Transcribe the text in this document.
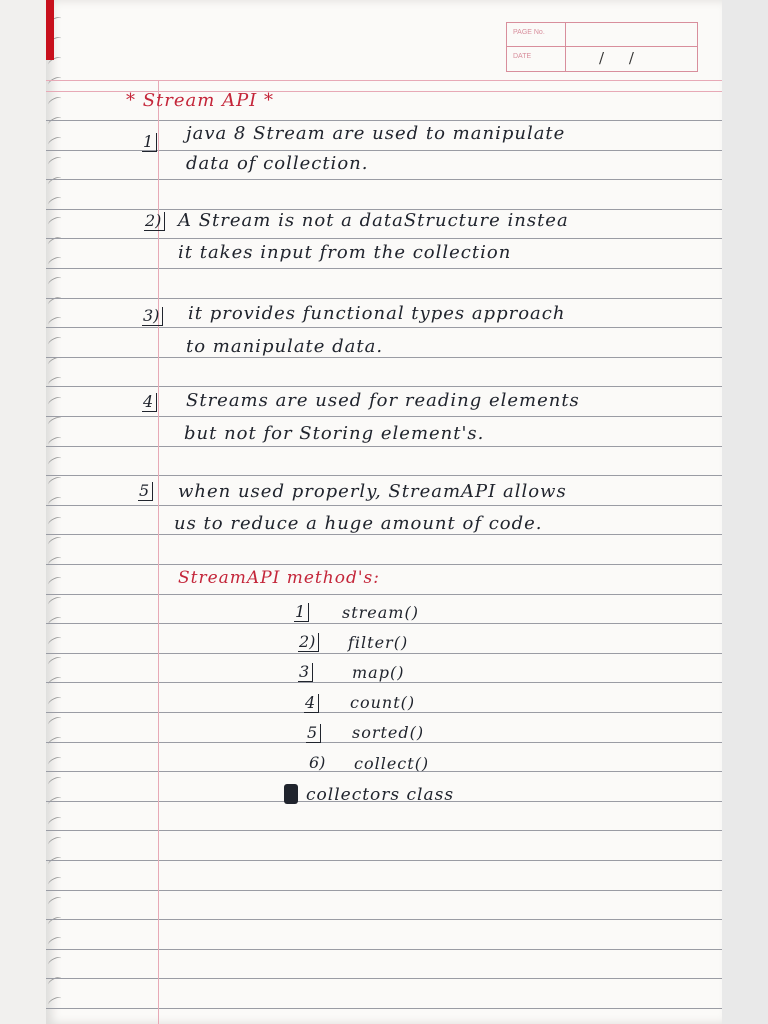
PAGE No.
DATE	/ /
* Stream API *
1 java 8 Stream are used to manipulate
data of collection.
2) A Stream is not a dataStructure instea
it takes input from the collection
3) it provides functional types approach
to manipulate data.
4 Streams are used for reading elements
but not for Storing element's.
5 when used properly, StreamAPI allows
us to reduce a huge amount of code.
StreamAPI method's:
1 stream()
2) filter()
3	map()
4 count()
5 sorted()
6) collect()
collectors class
